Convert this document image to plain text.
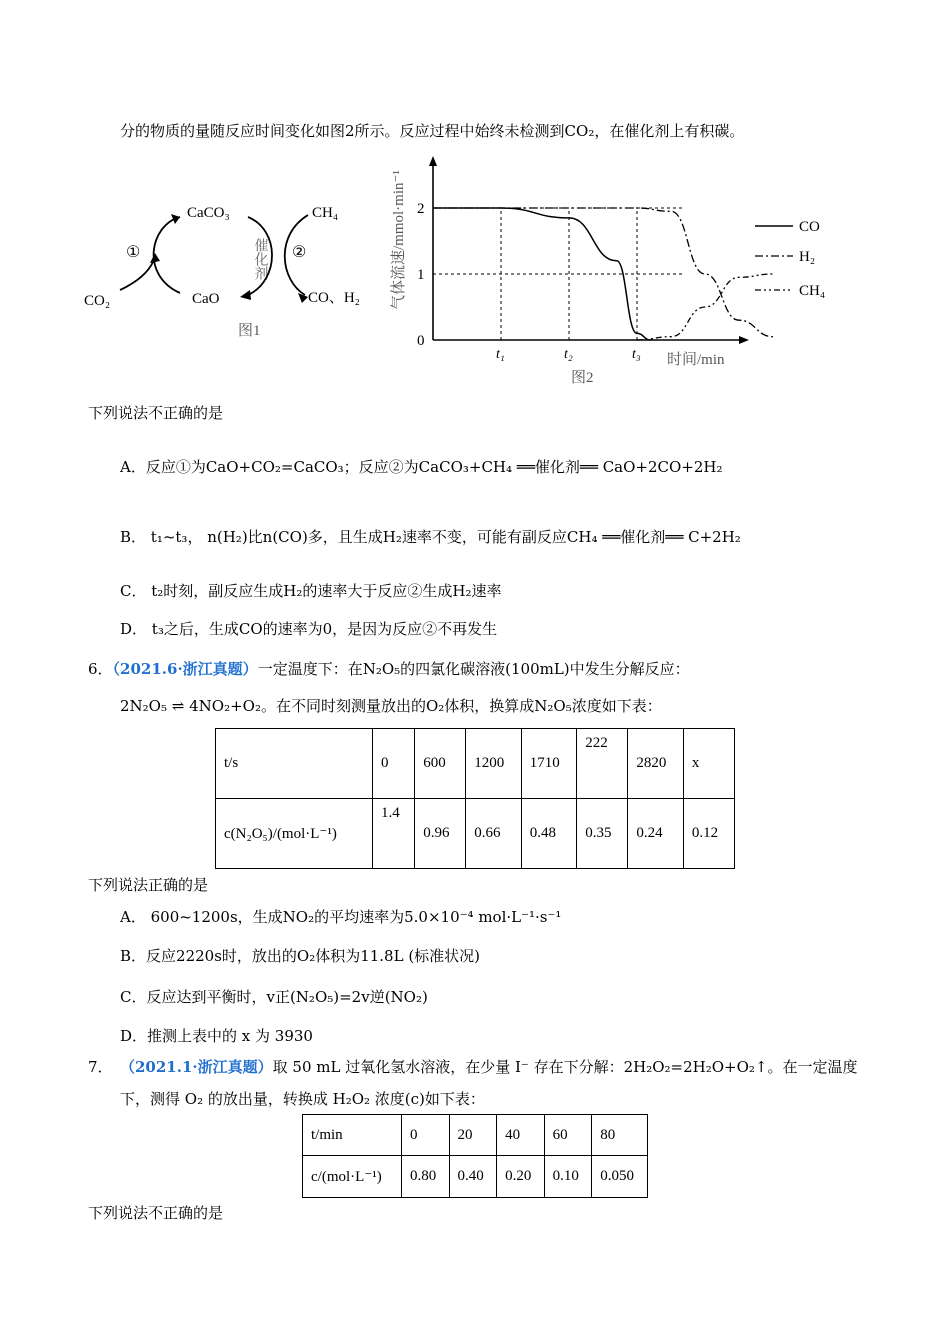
分的物质的量随反应时间变化如图2所示。反应过程中始终未检测到CO₂，在催化剂上有积碳。
CaCO₃	CH₄
CO₂	CaO	CO、H₂
①	②
催化剂
图1
气体流速/mmol·min⁻¹
0
1
2
t₁	t₂	t₃ 时间/min
图2
CO
H₂
CH₄
下列说法不正确的是
A．反应①为CaO+CO₂=CaCO₃；反应②为CaCO₃+CH₄ ══催化剂══ CaO+2CO+2H₂
B． t₁~t₃， n(H₂)比n(CO)多，且生成H₂速率不变，可能有副反应CH₄ ══催化剂══ C+2H₂
C． t₂时刻，副反应生成H₂的速率大于反应②生成H₂速率
D． t₃之后，生成CO的速率为0，是因为反应②不再发生
6．（2021.6·浙江真题）一定温度下：在N₂O₅的四氯化碳溶液(100mL)中发生分解反应：
2N₂O₅ ⇌ 4NO₂+O₂。在不同时刻测量放出的O₂体积，换算成N₂O₅浓度如下表：
t/s	0	600	1200	1710	222	2820	x
c(N₂O₅)/(mol·L⁻¹)	1.4	0.96	0.66	0.48	0.35	0.24	0.12
下列说法正确的是
A． 600~1200s，生成NO₂的平均速率为5.0×10⁻⁴ mol·L⁻¹·s⁻¹
B．反应2220s时，放出的O₂体积为11.8L (标准状况)
C．反应达到平衡时，v正(N₂O₅)=2v逆(NO₂)
D．推测上表中的 x 为 3930
7． （2021.1·浙江真题）取 50 mL 过氧化氢水溶液，在少量 I⁻ 存在下分解：2H₂O₂=2H₂O+O₂↑。在一定温度
下，测得 O₂ 的放出量，转换成 H₂O₂ 浓度(c)如下表：
t/min	0	20	40	60	80
c/(mol·L⁻¹)	0.80	0.40	0.20	0.10	0.050
下列说法不正确的是
